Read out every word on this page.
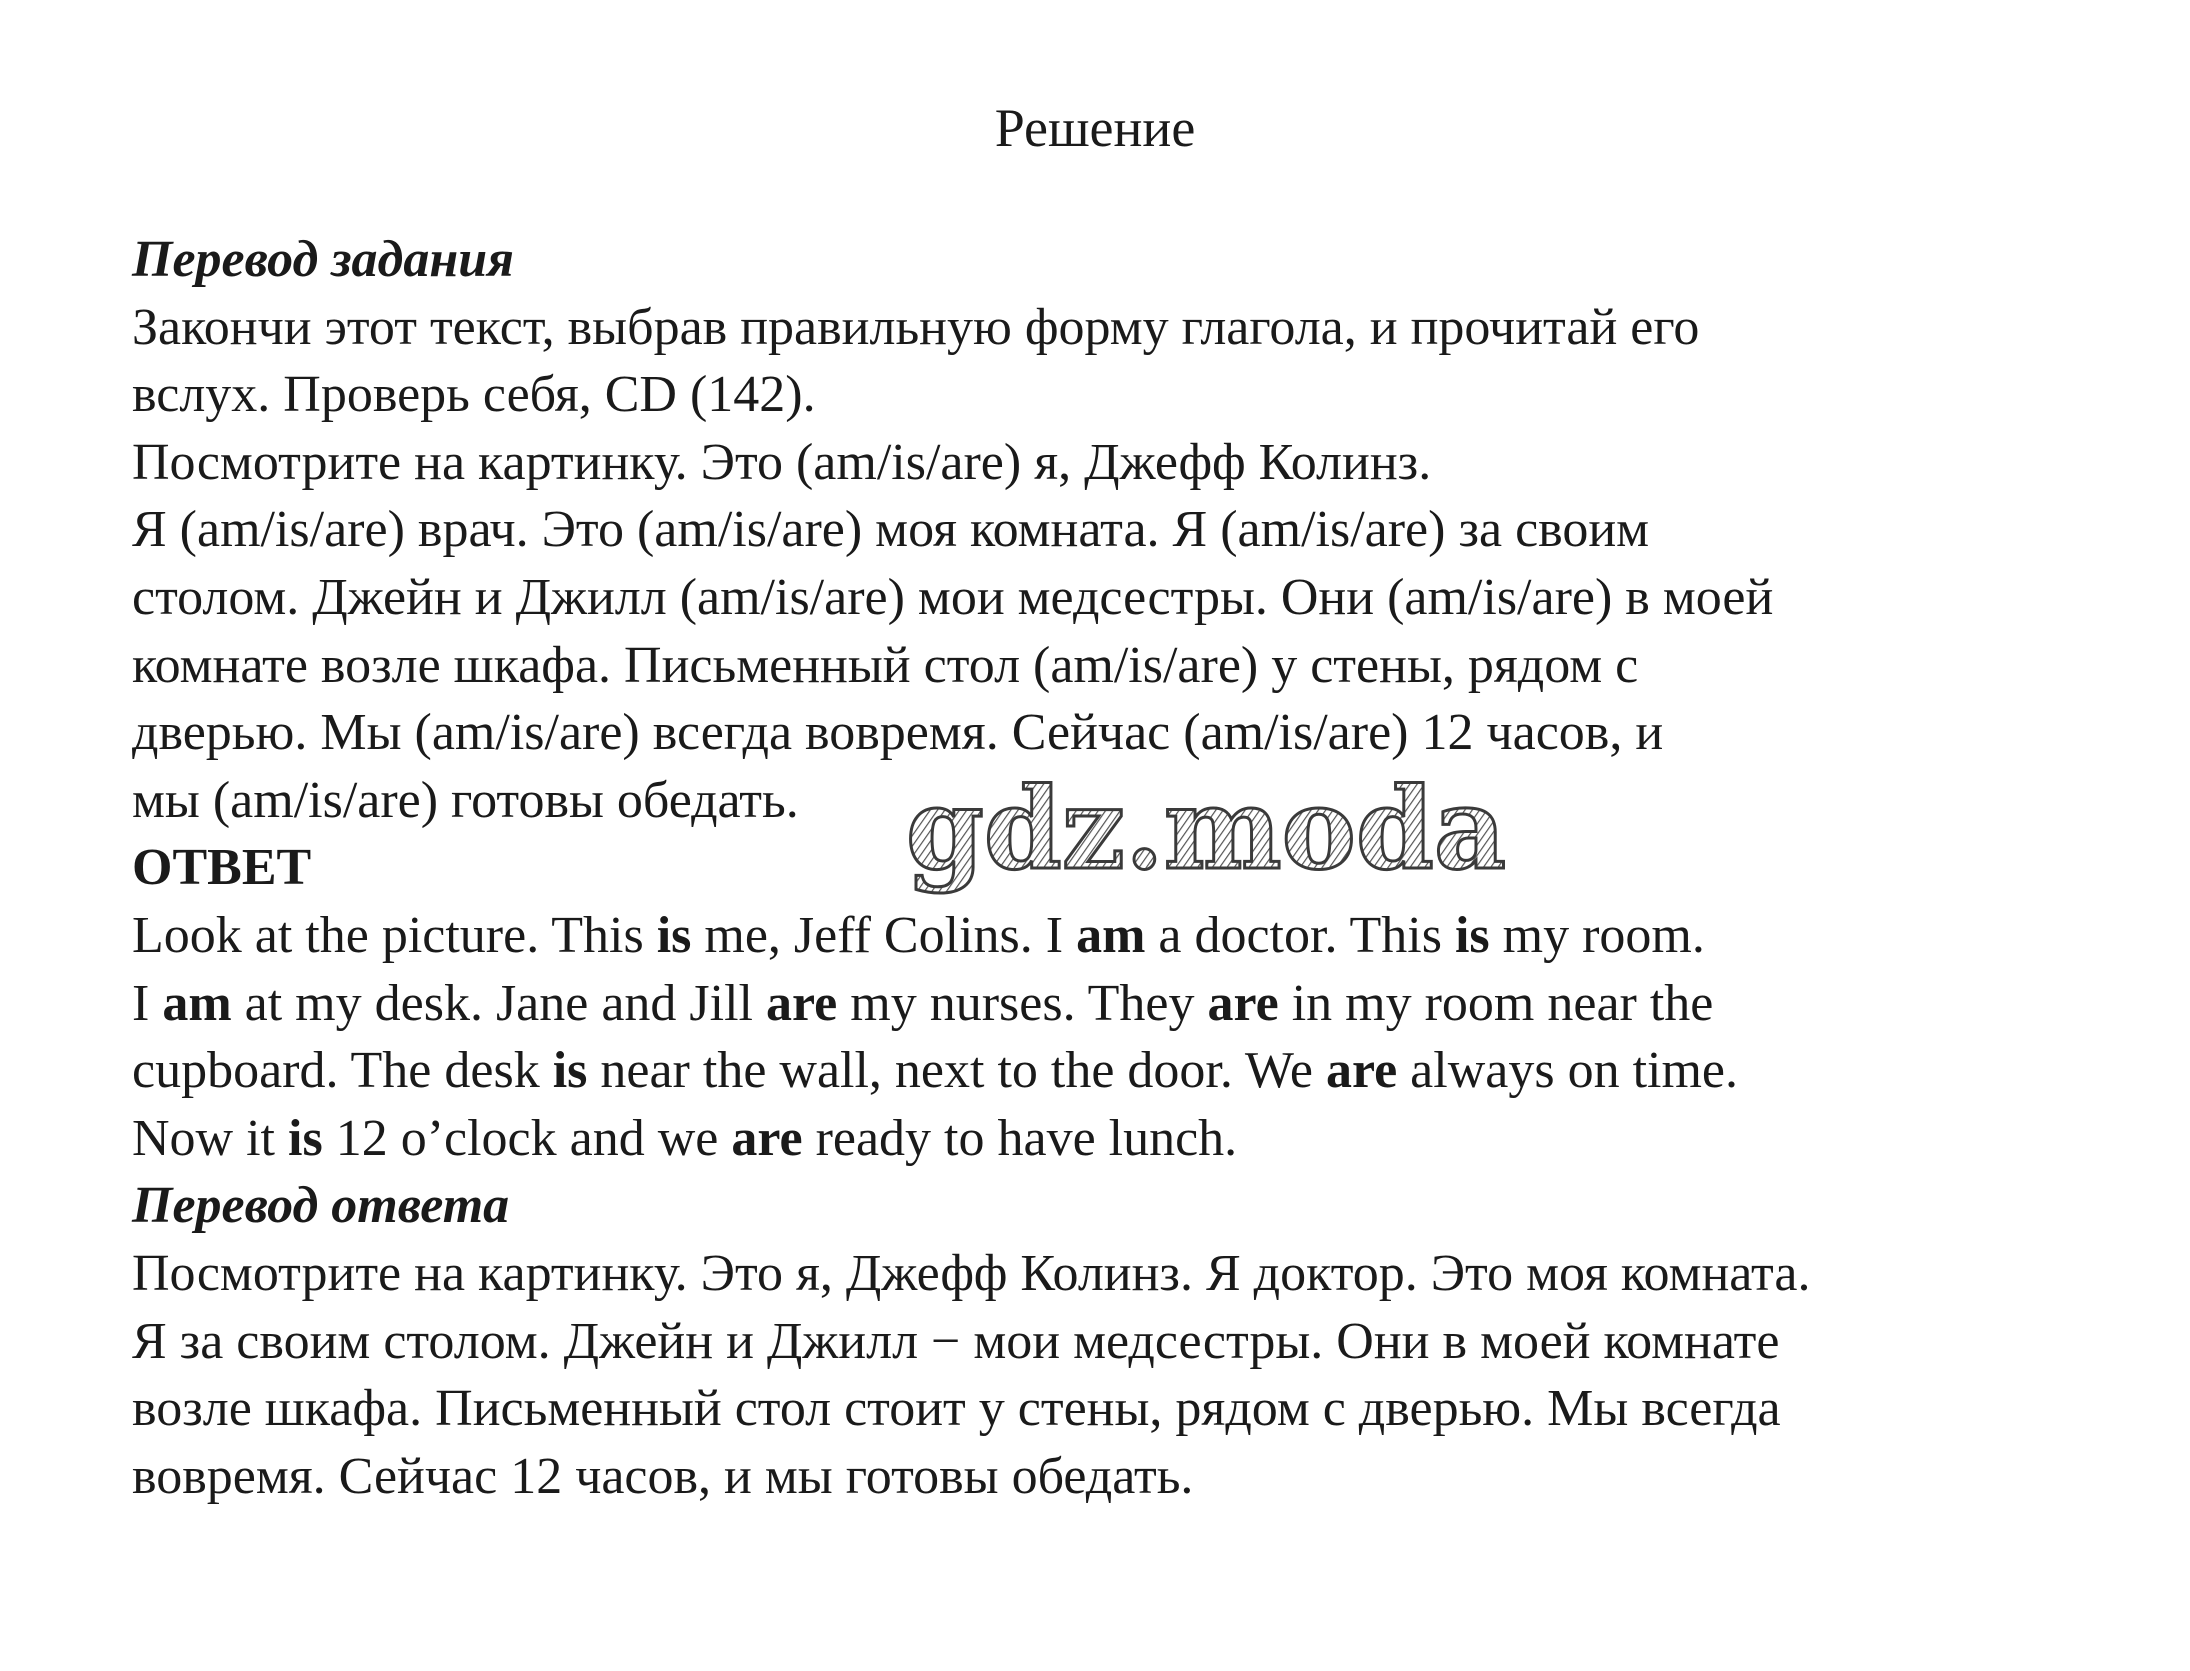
Решение
Перевод задания
Закончи этот текст, выбрав правильную форму глагола, и прочитай его
вслух. Проверь себя, CD (142).
Посмотрите на картинку. Это (am/is/are) я, Джефф Колинз.
Я (am/is/are) врач. Это (am/is/are) моя комната. Я (am/is/are) за своим
столом. Джейн и Джилл (am/is/are) мои медсестры. Они (am/is/are) в моей
комнате возле шкафа. Письменный стол (am/is/are) у стены, рядом с
дверью. Мы (am/is/are) всегда вовремя. Сейчас (am/is/are) 12 часов, и
мы (am/is/are) готовы обедать.
ОТВЕТ
Look at the picture. This is me, Jeff Colins. I am a doctor. This is my room.
I am at my desk. Jane and Jill are my nurses. They are in my room near the
cupboard. The desk is near the wall, next to the door. We are always on time.
Now it is 12 o’clock and we are ready to have lunch.
Перевод ответа
Посмотрите на картинку. Это я, Джефф Колинз. Я доктор. Это моя комната.
Я за своим столом. Джейн и Джилл − мои медсестры. Они в моей комнате
возле шкафа. Письменный стол стоит у стены, рядом с дверью. Мы всегда
вовремя. Сейчас 12 часов, и мы готовы обедать.
gdz.moda
